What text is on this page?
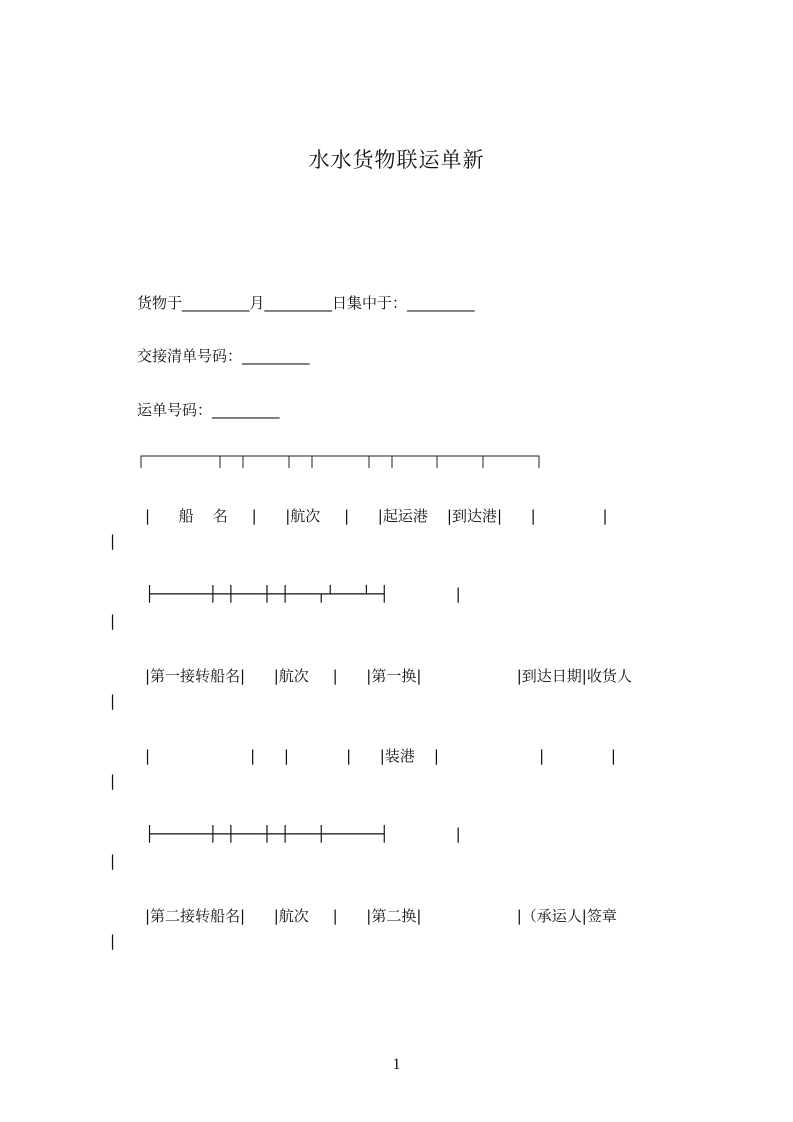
水水货物联运单新
货物于_________月_________日集中于：_________
交接清单号码：_________
运单号码：_________
|      船    名     |      |航次     |      |起运港    |到达港|      |              |
|
├──────┼─┼───┼─┼───┬┴───┴─┤              |
|
|第一接转船名|      |航次     |      |第一换|                    |到达日期|收货人
|
|                     |      |            |      |装港    |                     |              |
|
├──────┼─┼───┼─┼───┼──────┤              |
|
|第二接转船名|      |航次     |      |第二换|                    |（承运人|签章
|
1
